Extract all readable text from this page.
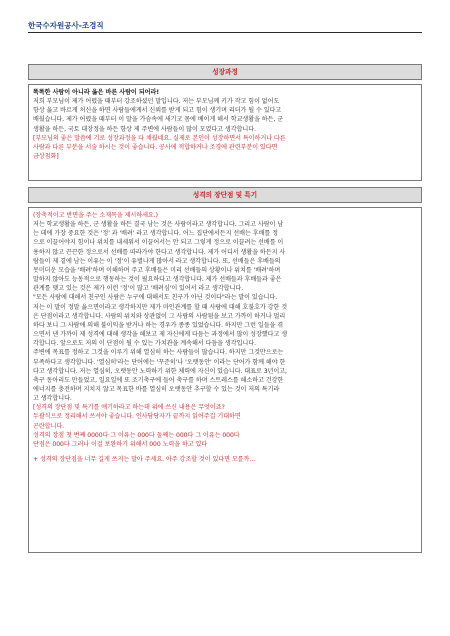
한국수자원공사-조경직
성장과정
똑똑한 사람이 아니라 옳은 바른 사람이 되어라!
저희 부모님이 제가 어렸을 때부터 강조하셨던 말입니다. 저는 부모님께 키가 작고 힘이 없어도
항상 옳고 바르게 처신을 하면 사람들에게서 신뢰를 받게 되고 힘이 생기며 리더가 될 수 있다고
배웠습니다. 제가 어렸을 때부터 이 말을 가슴속에 새기고 몸에 베이게 해서 학교생활을 하든, 군
생활을 하든, 국토 대장정을 하든 항상 제 주변에 사람들이 많이 모였다고 생각합니다.
[부모님의 좋은 말씀에 기로 성장과정을 다 채웠네요. 실제로 본인이 성장하면서 특이하거나 다른
사람과 다른 부분을 서술 하시는 것이 좋습니다. 공사에 적합하거나 조경에 관련부분이 있다면
금상첨화]
성격의 장단점 및 특기
(장축적이고 반면을 주는 소재목을 제시하세요.)
저는 학교생활을 하든, 군 생활을 하든 결국 남는 것은 사람이라고 생각합니다. 그리고 사람이 남
는 데에 가장 중요한 것은 '정' 과 '배려' 라고 생각합니다. 어느 집단에서든지 선배는 후배를 정
으로 이끌어야지 힘이나 위치를 내세워서 이끌어서는 안 되고 그렇게 정으로 이끌려는 선배를 이
용하지 않고 끈끈한 정으로서 선배를 따라가야 한다고 생각합니다. 제가 어디서 생활을 하든지 사
람들이 제 곁에 남는 이유는 이 '정'이 유별나게 많아서 라고 생각합니다. 또, 선배들은 후배들의
못미더운 모습을 '배려'하며 이해하며 주고 후배들은 미리 선배들의 상황이나 위치를 '배려'하며
말하지 않아도 능동적으로 행동하는 것이 필요하다고 생각합니다. 제가 선배들과 후배들과 좋은
관계를 맺고 있는 것은 제가 이런 '정'이 많고 '배려심'이 있어서 라고 생각합니다.
"모든 사람에 대해서 친구인 사람은 누구에 대해서도 친구가 아닌 것이다"라는 말이 있습니다.
저는 이 말이 정말 옳으면이라고 생각하지만 제가 마인관계를 할 때 사람에 대해 호불호가 강한 것
은 단점이라고 생각합니다. 사람의 위치와 상관없이 그 사람의 사람됨을 보고 가까이 하거나 멀리
하다 보니 그 사람에 의해 불이익을 받거나 하는 경우가 종종 있었습니다. 하지만 그런 일들을 겪
으면서 낸 가까이 제 성격에 대해 생각을 해보고 제 자신에게 다듬는 과정에서 많이 성장했다고 생
각합니다. 앞으로도 저의 이 단점이 될 수 있는 가치관을 계속해서 다듬을 생각입니다.
주변에 목표를 정하고 그것을 이루기 위해 열심히 하는 사람들이 많습니다. 하지만 그것만으로는
부족하다고 생각합니다. '열심히'라는 단어에는 '꾸준히'나 '오랫동안' 이라는 단어가 함께 해야 한
다고 생각합니다. 저는 열심히, 오랫동안 노력하기 위한 체력에 자신이 있습니다. 대표로 3년이고,
축구 동아리도 만들었고, 일요일에 또 조기축구에 들어 축구를 하며 스트레스를 해소하고 건강한
에너지를 충전하며 지치지 않고 목표한 바를 열심히 오랫동안 추구할 수 있는 것이 저의 특기라
고 생각합니다.
[성격의 장단점 및 특기를 얘기하라고 하는데 위에 쓰신 내용은 무엇이죠?
두괄식으로 정리해서 쓰셔야 좋습니다. 인사담당자가 끝까지 읽어주길 기대하면
곤란합니다.
성격의 장점 첫 번째 0000다 그 이유는 000다 둘째는 000다 그 이유는 000다
단점은 000다 그러나 이걸 보완하기 위해서 000 노력을 하고 있다
+ 성격의 장단점을 너무 길게 쓰지는 말아 주세요. 아주 강조할 것이 있다면 모를까...
